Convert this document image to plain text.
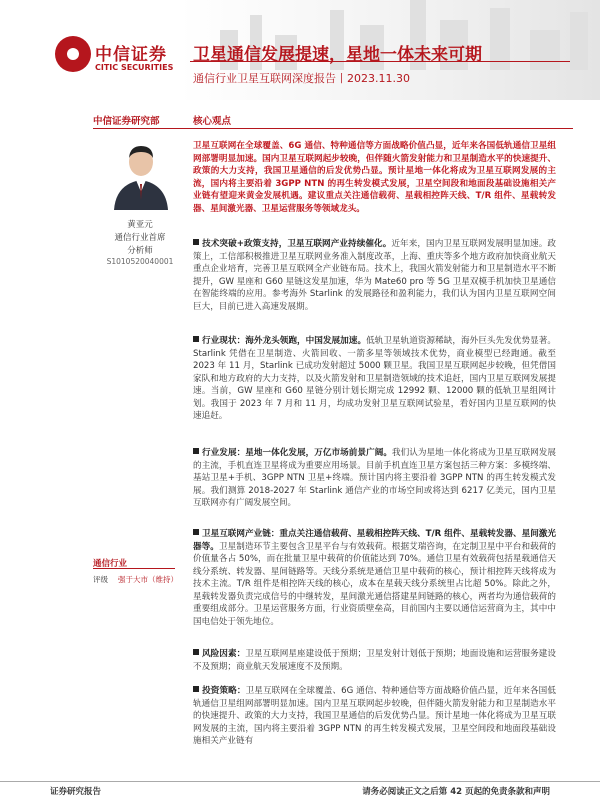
中信证券
CITIC SECURITIES
卫星通信发展提速，星地一体未来可期
通信行业卫星互联网深度报告丨2023.11.30
中信证券研究部	核心观点
黄亚元
通信行业首席
分析师
S1010520040001
卫星互联网在全球覆盖、6G 通信、特种通信等方面战略价值凸显，近年来各国低轨通信卫星组网部署明显加速。国内卫星互联网起步较晚，但伴随火箭发射能力和卫星制造水平的快速提升、政策的大力支持，我国卫星通信的后发优势凸显。预计星地一体化将成为卫星互联网发展的主流，国内将主要沿着 3GPP NTN 的再生转发模式发展，卫星空间段和地面段基础设施相关产业链有望迎来黄金发展机遇。建议重点关注通信载荷、星载相控阵天线、T/R 组件、星载转发器、星间激光器、卫星运营服务等领域龙头。
技术突破+政策支持，卫星互联网产业持续催化。近年来，国内卫星互联网发展明显加速。政策上，工信部积极推进卫星互联网业务准入制度改革，上海、重庆等多个地方政府加快商业航天重点企业培育，完善卫星互联网全产业链布局。技术上，我国火箭发射能力和卫星制造水平不断提升，GW 星座和 G60 星链这发星加速，华为 Mate60 pro 等 5G 卫星双模手机加快卫星通信在智能终端的应用。参考海外 Starlink 的发展路径和盈利能力，我们认为国内卫星互联网空间巨大，目前已进入高速发展期。
行业现状：海外龙头领跑，中国发展加速。低轨卫星轨道资源稀缺，海外巨头先发优势显著。Starlink 凭借在卫星制造、火箭回收、一箭多星等领域技术优势，商业模型已经跑通。截至 2023 年 11 月，Starlink 已成功发射超过 5000 颗卫星。我国卫星互联网起步较晚，但凭借国家队和地方政府的大力支持，以及火箭发射和卫星制造领域的技术追赶，国内卫星互联网发展提速。当前，GW 星座和 G60 星链分别计划长期完成 12992 颗、12000 颗的低轨卫星组网计划。我国于 2023 年 7 月和 11 月，均成功发射卫星互联网试验星，看好国内卫星互联网的快速追赶。
行业发展：星地一体化发展，万亿市场前景广阔。我们认为星地一体化将成为卫星互联网发展的主流，手机直连卫星将成为重要应用场景。目前手机直连卫星方案包括三种方案：多模终端、基站卫星+手机、3GPP NTN 卫星+终端。预计国内将主要沿着 3GPP NTN 的再生转发模式发展。我们测算 2018-2027 年 Starlink 通信产业的市场空间或将达到 6217 亿美元，国内卫星互联网亦有广阔发展空间。
卫星互联网产业链：重点关注通信载荷、星载相控阵天线、T/R 组件、星载转发器、星间激光器等。卫星制造环节主要包含卫星平台与有效载荷。根据艾瑞咨询，在定制卫星中平台和载荷的价值量各占 50%，而在批量卫星中载荷的价值能达到 70%。通信卫星有效载荷包括星载通信天线分系统、转发器、星间链路等。天线分系统是通信卫星中载荷的核心，预计相控阵天线将成为技术主流。T/R 组件是相控阵天线的核心，成本在星载天线分系统里占比超 50%。除此之外，星载转发器负责完成信号的中继转发，星间激光通信搭建星间链路的核心，两者均为通信载荷的重要组成部分。卫星运营服务方面，行业资质壁垒高，目前国内主要以通信运营商为主，其中中国电信处于领先地位。
风险因素：卫星互联网星座建设低于预期；卫星发射计划低于预期；地面设施和运营服务建设不及预期；商业航天发展速度不及预期。
投资策略：卫星互联网在全球覆盖、6G 通信、特种通信等方面战略价值凸显，近年来各国低轨通信卫星组网部署明显加速。国内卫星互联网起步较晚，但伴随火箭发射能力和卫星制造水平的快速提升、政策的大力支持，我国卫星通信的后发优势凸显。预计星地一体化将成为卫星互联网发展的主流，国内将主要沿着 3GPP NTN 的再生转发模式发展，卫星空间段和地面段基础设施相关产业链有
通信行业
评级 强于大市（维持）
证券研究报告	请务必阅读正文之后第 42 页起的免责条款和声明
